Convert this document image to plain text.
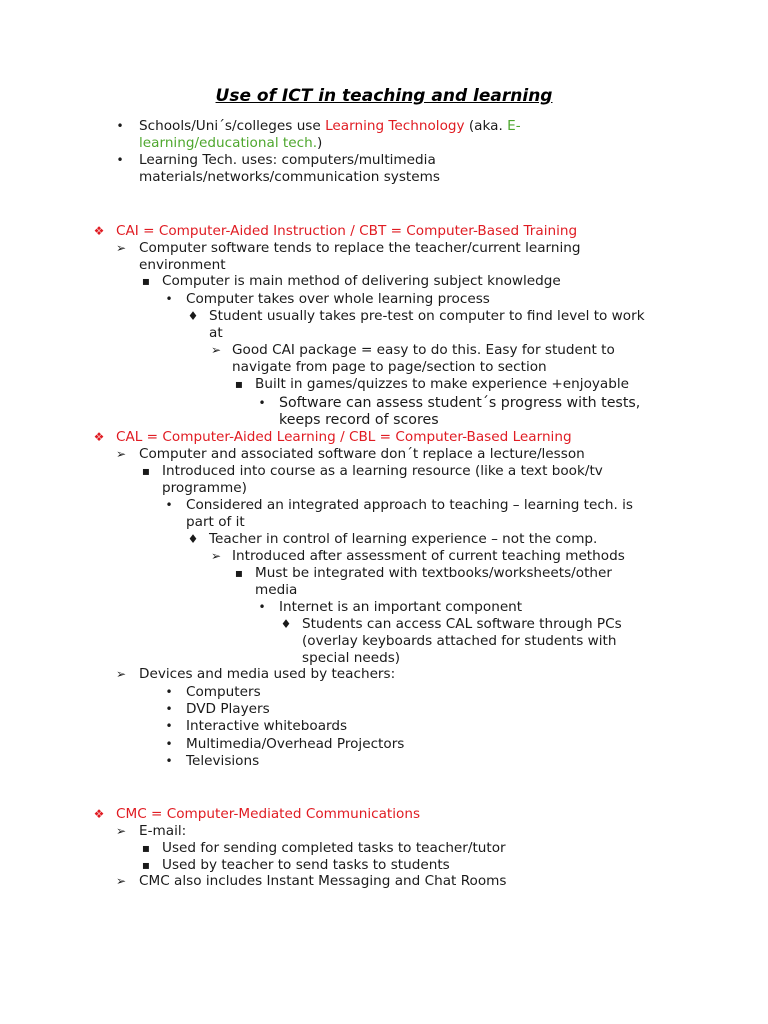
Use of ICT in teaching and learning
• Schools/Uni´s/colleges use Learning Technology (aka. E-
learning/educational tech.)
• Learning Tech. uses: computers/multimedia
materials/networks/communication systems
❖ CAI = Computer-Aided Instruction / CBT = Computer-Based Training
➢ Computer software tends to replace the teacher/current learning
environment
▪ Computer is main method of delivering subject knowledge
• Computer takes over whole learning process
♦ Student usually takes pre-test on computer to find level to work
at
➢ Good CAI package = easy to do this. Easy for student to
navigate from page to page/section to section
▪ Built in games/quizzes to make experience +enjoyable
• Software can assess student´s progress with tests,
keeps record of scores
❖ CAL = Computer-Aided Learning / CBL = Computer-Based Learning
➢ Computer and associated software don´t replace a lecture/lesson
▪ Introduced into course as a learning resource (like a text book/tv
programme)
• Considered an integrated approach to teaching – learning tech. is
part of it
♦ Teacher in control of learning experience – not the comp.
➢ Introduced after assessment of current teaching methods
▪ Must be integrated with textbooks/worksheets/other
media
• Internet is an important component
♦ Students can access CAL software through PCs
(overlay keyboards attached for students with
special needs)
➢ Devices and media used by teachers:
• Computers
• DVD Players
• Interactive whiteboards
• Multimedia/Overhead Projectors
• Televisions
❖ CMC = Computer-Mediated Communications
➢ E-mail:
▪ Used for sending completed tasks to teacher/tutor
▪ Used by teacher to send tasks to students
➢ CMC also includes Instant Messaging and Chat Rooms
